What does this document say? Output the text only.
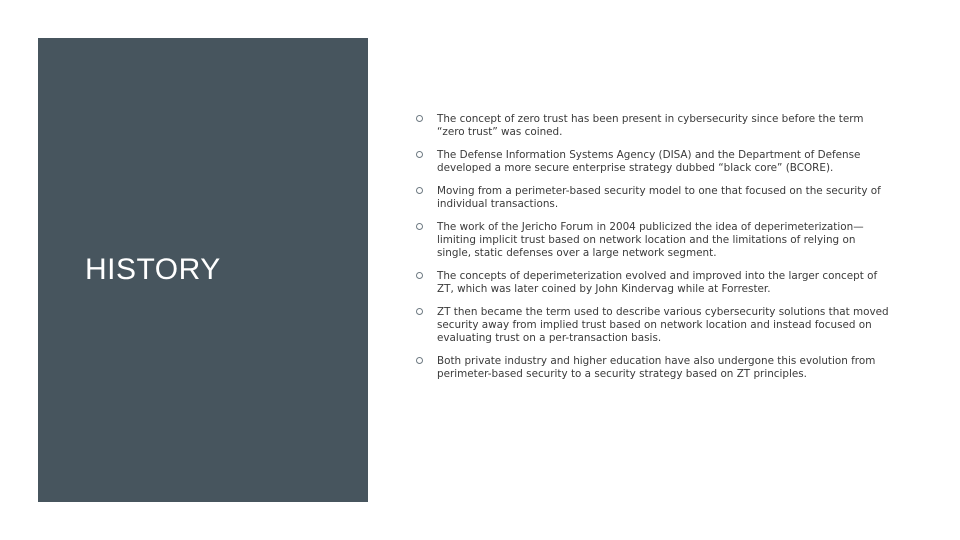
HISTORY
The concept of zero trust has been present in cybersecurity since before the term “zero trust” was coined.
The Defense Information Systems Agency (DISA) and the Department of Defense developed a more secure enterprise strategy dubbed “black core” (BCORE).
Moving from a perimeter-based security model to one that focused on the security of individual transactions.
The work of the Jericho Forum in 2004 publicized the idea of deperimeterization—limiting implicit trust based on network location and the limitations of relying on single, static defenses over a large network segment.
The concepts of deperimeterization evolved and improved into the larger concept of ZT, which was later coined by John Kindervag while at Forrester.
ZT then became the term used to describe various cybersecurity solutions that moved security away from implied trust based on network location and instead focused on evaluating trust on a per-transaction basis.
Both private industry and higher education have also undergone this evolution from perimeter-based security to a security strategy based on ZT principles.
